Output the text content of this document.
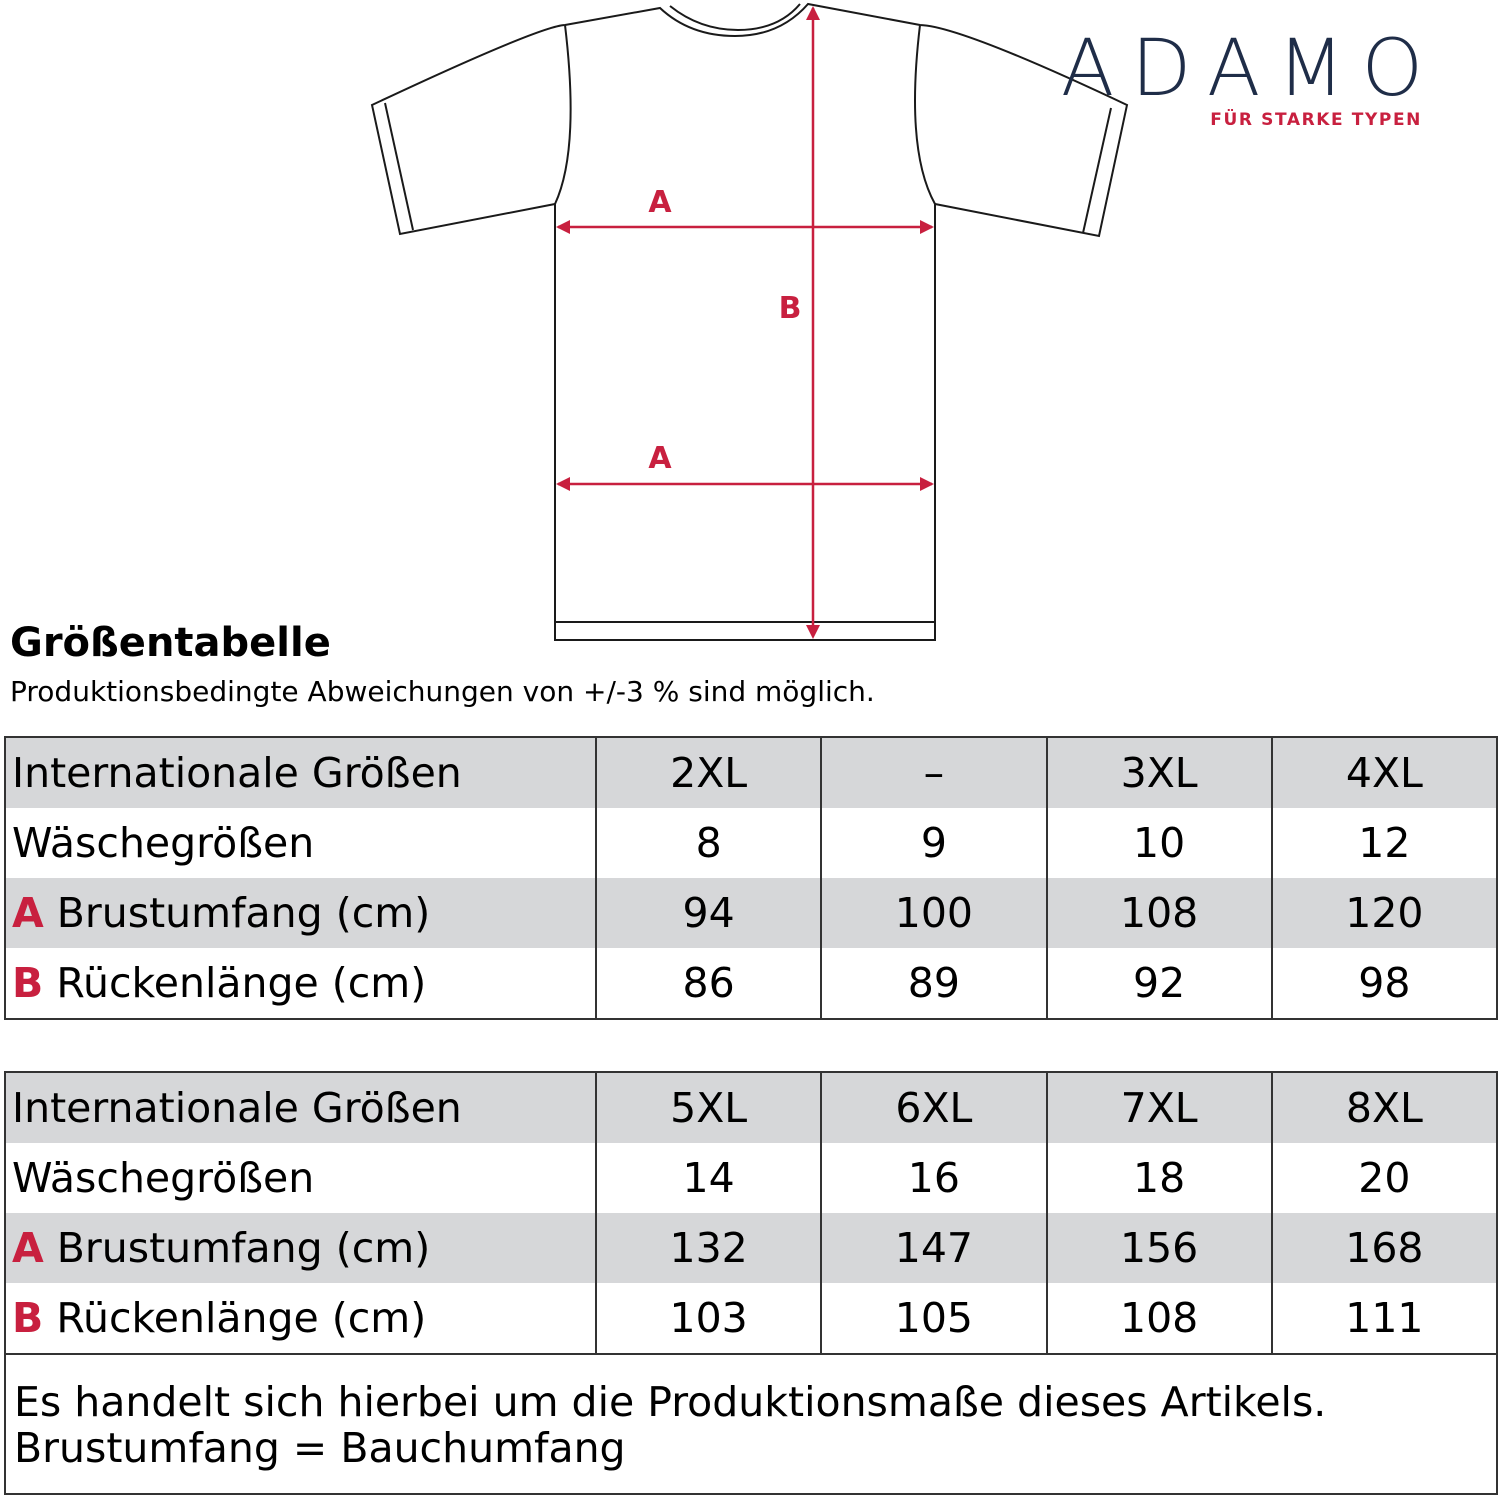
A
B
A
ADAMO
FÜR STARKE TYPEN
Größentabelle
Produktionsbedingte Abweichungen von +/-3 % sind möglich.
Internationale Größen	2XL	–	3XL	4XL
Wäschegrößen	8	9	10	12
A Brustumfang (cm)	94	100	108	120
B Rückenlänge (cm)	86	89	92	98
Internationale Größen	5XL	6XL	7XL	8XL
Wäschegrößen	14	16	18	20
A Brustumfang (cm)	132	147	156	168
B Rückenlänge (cm)	103	105	108	111
Es handelt sich hierbei um die Produktionsmaße dieses Artikels.
Brustumfang = Bauchumfang
